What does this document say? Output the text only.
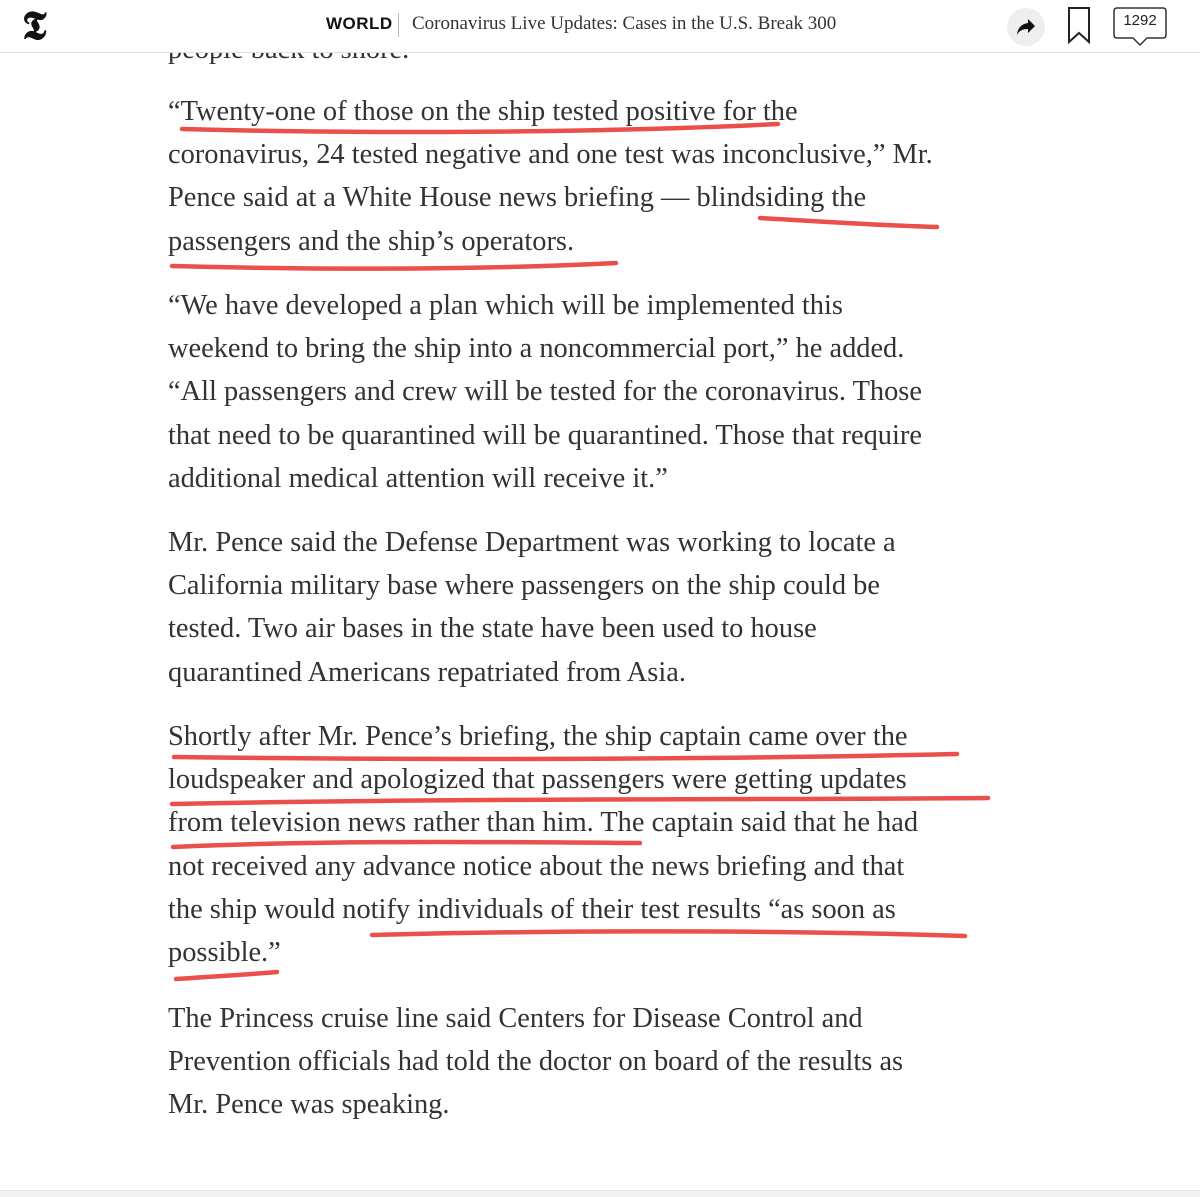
𝕿	WORLD Coronavirus Live Updates: Cases in the U.S. Break 300	1292

“Twenty-one of those on the ship tested positive for the
coronavirus, 24 tested negative and one test was inconclusive,” Mr.
Pence said at a White House news briefing — blindsiding the
passengers and the ship’s operators.

“We have developed a plan which will be implemented this
weekend to bring the ship into a noncommercial port,” he added.
“All passengers and crew will be tested for the coronavirus. Those
that need to be quarantined will be quarantined. Those that require
additional medical attention will receive it.”

Mr. Pence said the Defense Department was working to locate a
California military base where passengers on the ship could be
tested. Two air bases in the state have been used to house
quarantined Americans repatriated from Asia.

Shortly after Mr. Pence’s briefing, the ship captain came over the
loudspeaker and apologized that passengers were getting updates
from television news rather than him. The captain said that he had
not received any advance notice about the news briefing and that
the ship would notify individuals of their test results “as soon as
possible.”

The Princess cruise line said Centers for Disease Control and
Prevention officials had told the doctor on board of the results as
Mr. Pence was speaking.
